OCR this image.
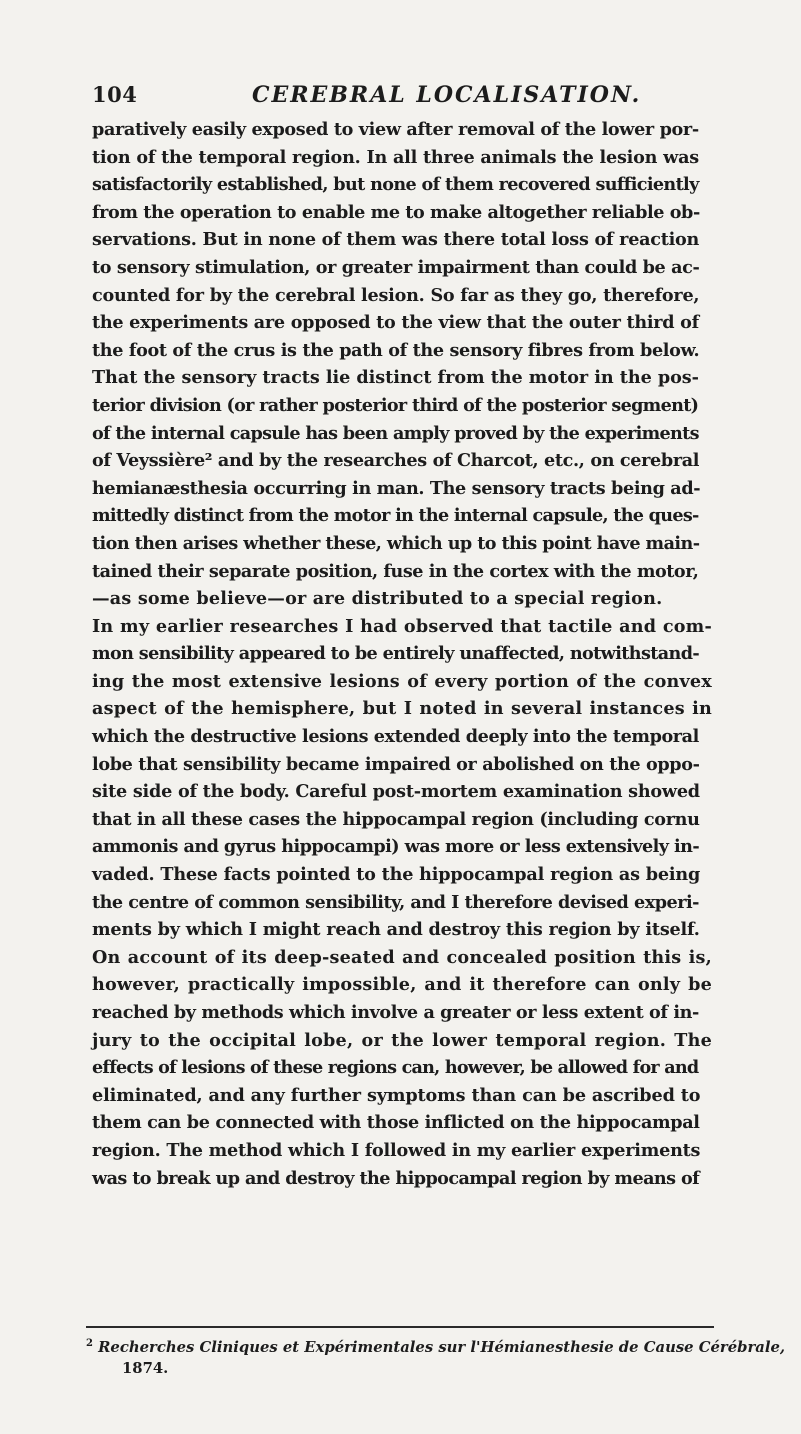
104	CEREBRAL LOCALISATION.
paratively easily exposed to view after removal of the lower por-
tion of the temporal region. In all three animals the lesion was
satisfactorily established, but none of them recovered sufficiently
from the operation to enable me to make altogether reliable ob-
servations. But in none of them was there total loss of reaction
to sensory stimulation, or greater impairment than could be ac-
counted for by the cerebral lesion. So far as they go, therefore,
the experiments are opposed to the view that the outer third of
the foot of the crus is the path of the sensory fibres from below.
That the sensory tracts lie distinct from the motor in the pos-
terior division (or rather posterior third of the posterior segment)
of the internal capsule has been amply proved by the experiments
of Veyssière² and by the researches of Charcot, etc., on cerebral
hemianæsthesia occurring in man. The sensory tracts being ad-
mittedly distinct from the motor in the internal capsule, the ques-
tion then arises whether these, which up to this point have main-
tained their separate position, fuse in the cortex with the motor,
—as some believe—or are distributed to a special region.
In my earlier researches I had observed that tactile and com-
mon sensibility appeared to be entirely unaffected, notwithstand-
ing the most extensive lesions of every portion of the convex
aspect of the hemisphere, but I noted in several instances in
which the destructive lesions extended deeply into the temporal
lobe that sensibility became impaired or abolished on the oppo-
site side of the body. Careful post-mortem examination showed
that in all these cases the hippocampal region (including cornu
ammonis and gyrus hippocampi) was more or less extensively in-
vaded. These facts pointed to the hippocampal region as being
the centre of common sensibility, and I therefore devised experi-
ments by which I might reach and destroy this region by itself.
On account of its deep-seated and concealed position this is,
however, practically impossible, and it therefore can only be
reached by methods which involve a greater or less extent of in-
jury to the occipital lobe, or the lower temporal region. The
effects of lesions of these regions can, however, be allowed for and
eliminated, and any further symptoms than can be ascribed to
them can be connected with those inflicted on the hippocampal
region. The method which I followed in my earlier experiments
was to break up and destroy the hippocampal region by means of
$^2$ Recherches Cliniques et Expérimentales sur l'Hémianesthesie de Cause Cérébrale,
1874.
